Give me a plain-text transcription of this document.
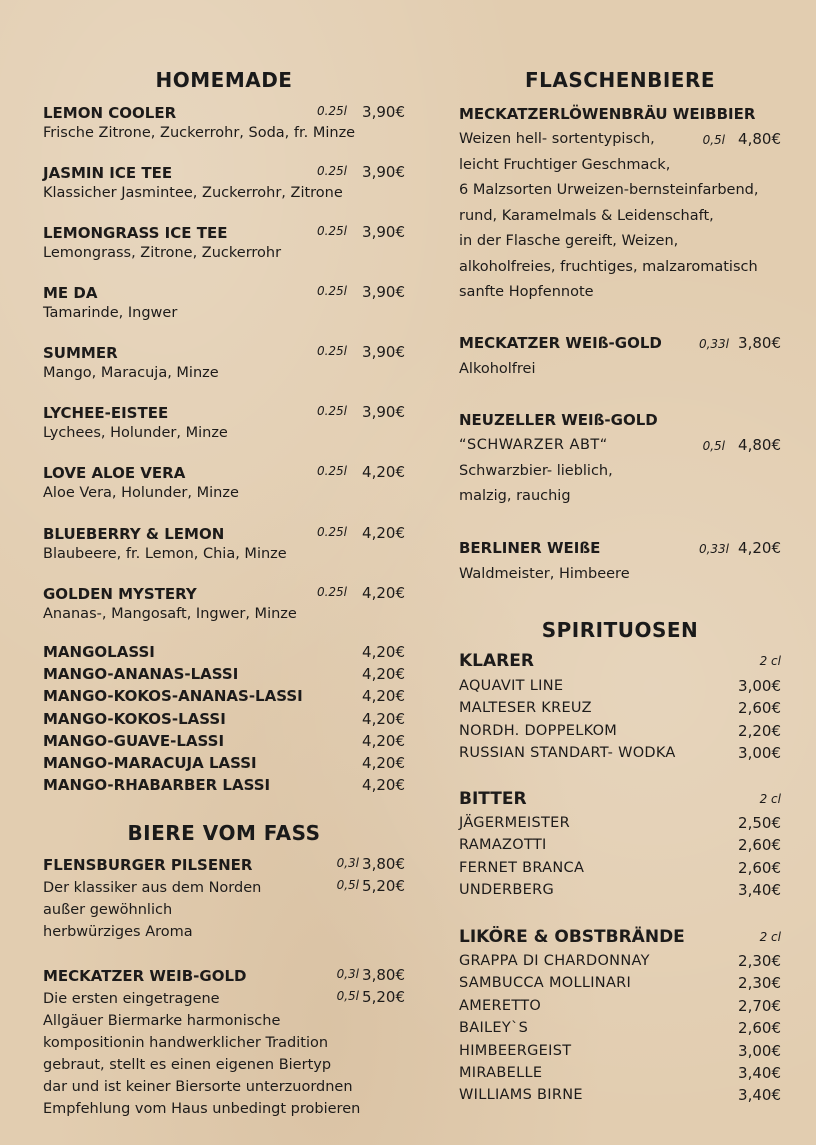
HOMEMADE
LEMON COOLER	0.25l 3,90€
Frische Zitrone, Zuckerrohr, Soda, fr. Minze
JASMIN ICE TEE	0.25l 3,90€
Klassicher Jasmintee, Zuckerrohr, Zitrone
LEMONGRASS ICE TEE	0.25l 3,90€
Lemongrass, Zitrone, Zuckerrohr
ME DA	0.25l 3,90€
Tamarinde, Ingwer
SUMMER	0.25l 3,90€
Mango, Maracuja, Minze
LYCHEE-EISTEE	0.25l 3,90€
Lychees, Holunder, Minze
LOVE ALOE VERA	0.25l 4,20€
Aloe Vera, Holunder, Minze
BLUEBERRY & LEMON	0.25l 4,20€
Blaubeere, fr. Lemon, Chia, Minze
GOLDEN MYSTERY	0.25l 4,20€
Ananas-, Mangosaft, Ingwer, Minze
MANGOLASSI	4,20€
MANGO-ANANAS-LASSI	4,20€
MANGO-KOKOS-ANANAS-LASSI	4,20€
MANGO-KOKOS-LASSI	4,20€
MANGO-GUAVE-LASSI	4,20€
MANGO-MARACUJA LASSI	4,20€
MANGO-RHABARBER LASSI	4,20€
BIERE VOM FASS
FLENSBURGER PILSENER	0,3l 3,80€
Der klassiker aus dem Norden	0,5l 5,20€
außer gewöhnlich
herbwürziges Aroma
MECKATZER WEIB-GOLD	0,3l 3,80€
Die ersten eingetragene	0,5l 5,20€
Allgäuer Biermarke harmonische
kompositionin handwerklicher Tradition
gebraut, stellt es einen eigenen Biertyp
dar und ist keiner Biersorte unterzuordnen
Empfehlung vom Haus unbedingt probieren
FLASCHENBIERE
MECKATZERLÖWENBRÄU WEIBBIER
Weizen hell- sortentypisch,	0,5l 4,80€
leicht Fruchtiger Geschmack,
6 Malzsorten Urweizen-bernsteinfarbend,
rund, Karamelmals & Leidenschaft,
in der Flasche gereift, Weizen,
alkoholfreies, fruchtiges, malzaromatisch
sanfte Hopfennote
MECKATZER WEIß-GOLD	0,33l 3,80€
Alkoholfrei
NEUZELLER WEIß-GOLD
“SCHWARZER ABT“	0,5l 4,80€
Schwarzbier- lieblich,
malzig, rauchig
BERLINER WEIßE	0,33l 4,20€
Waldmeister, Himbeere
SPIRITUOSEN
KLARER	2 cl
AQUAVIT LINE	3,00€
MALTESER KREUZ	2,60€
NORDH. DOPPELKOM	2,20€
RUSSIAN STANDART- WODKA	3,00€
BITTER	2 cl
JÄGERMEISTER	2,50€
RAMAZOTTI	2,60€
FERNET BRANCA	2,60€
UNDERBERG	3,40€
LIKÖRE & OBSTBRÄNDE	2 cl
GRAPPA DI CHARDONNAY	2,30€
SAMBUCCA MOLLINARI	2,30€
AMERETTO	2,70€
BAILEY`S	2,60€
HIMBEERGEIST	3,00€
MIRABELLE	3,40€
WILLIAMS BIRNE	3,40€
